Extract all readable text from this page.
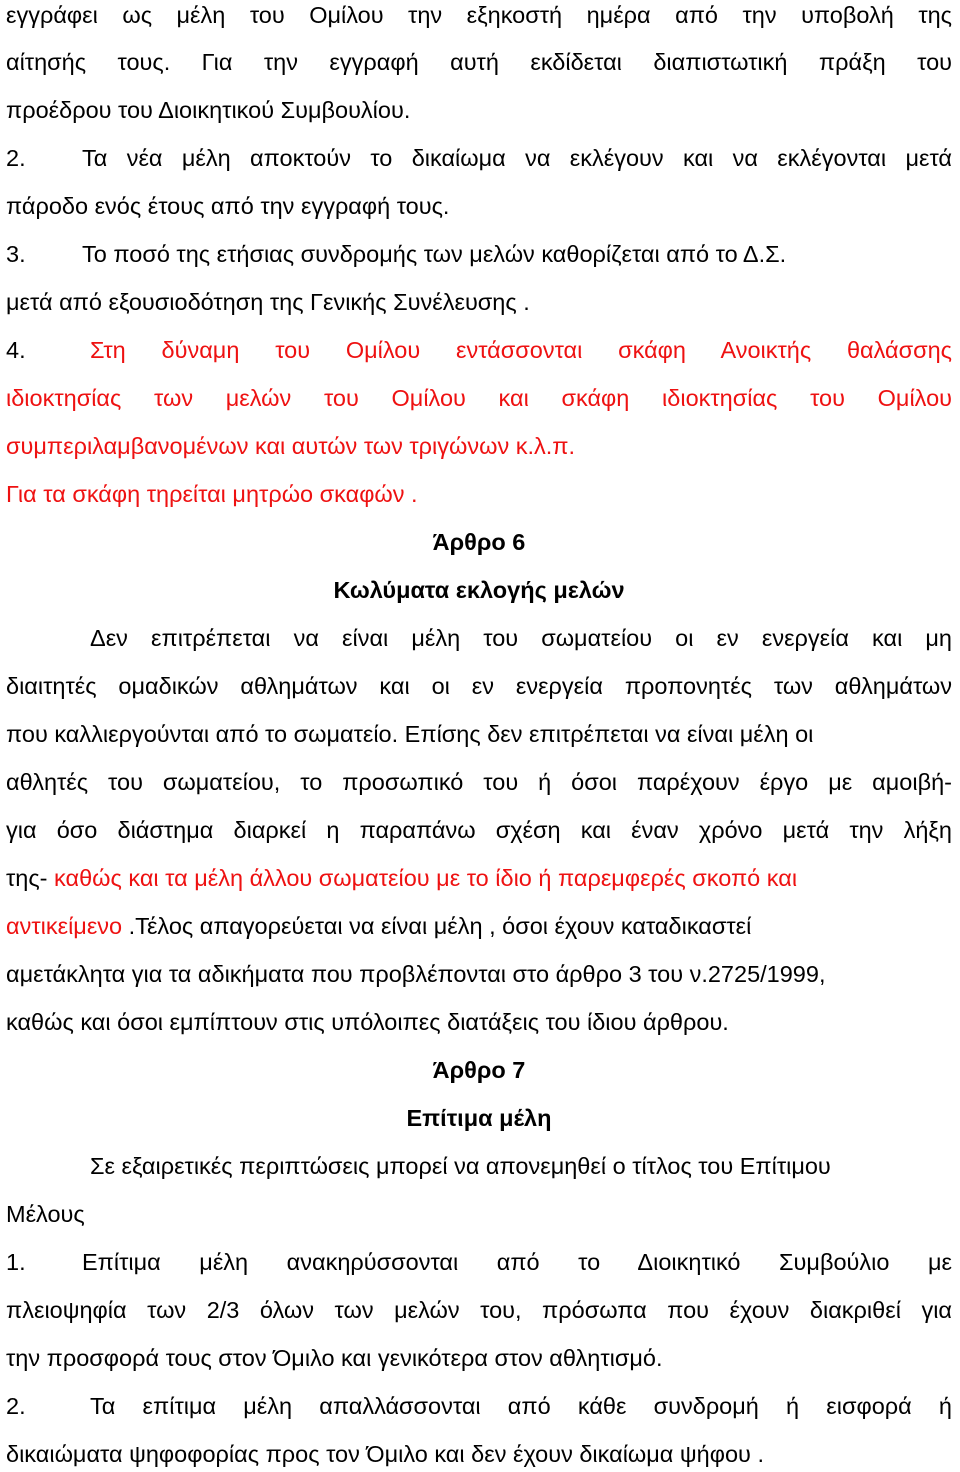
εγγράφει ως μέλη του Ομίλου την εξηκοστή ημέρα από την υποβολή της
αίτησής τους. Για την εγγραφή αυτή εκδίδεται διαπιστωτική πράξη του
προέδρου του Διοικητικού Συμβουλίου.
2.	Τα νέα μέλη αποκτούν το δικαίωμα να εκλέγουν και να εκλέγονται μετά
πάροδο ενός έτους από την εγγραφή τους.
3.	Το ποσό της ετήσιας συνδρομής των μελών καθορίζεται από το Δ.Σ.
μετά από εξουσιοδότηση της Γενικής Συνέλευσης .
4.	Στη δύναμη του Ομίλου εντάσσονται σκάφη Ανοικτής θαλάσσης
ιδιοκτησίας των μελών του Ομίλου και σκάφη ιδιοκτησίας του Ομίλου
συμπεριλαμβανομένων και αυτών των τριγώνων κ.λ.π.
Για τα σκάφη τηρείται μητρώο σκαφών .
Άρθρο 6
Κωλύματα εκλογής μελών
Δεν επιτρέπεται να είναι μέλη του σωματείου οι εν ενεργεία και μη
διαιτητές ομαδικών αθλημάτων και οι εν ενεργεία προπονητές των αθλημάτων
που καλλιεργούνται από το σωματείο. Επίσης δεν επιτρέπεται να είναι μέλη οι
αθλητές του σωματείου, το προσωπικό του ή όσοι παρέχουν έργο με αμοιβή-
για όσο διάστημα διαρκεί η παραπάνω σχέση και έναν χρόνο μετά την λήξη
της- καθώς και τα μέλη άλλου σωματείου με το ίδιο ή παρεμφερές σκοπό και
αντικείμενο .Τέλος απαγορεύεται να είναι μέλη , όσοι έχουν καταδικαστεί
αμετάκλητα για τα αδικήματα που προβλέπονται στο άρθρο 3 του ν.2725/1999,
καθώς και όσοι εμπίπτουν στις υπόλοιπες διατάξεις του ίδιου άρθρου.
Άρθρο 7
Επίτιμα μέλη
Σε εξαιρετικές περιπτώσεις μπορεί να απονεμηθεί ο τίτλος του Επίτιμου
Μέλους
1.	Επίτιμα μέλη ανακηρύσσονται από το Διοικητικό Συμβούλιο με
πλειοψηφία των 2/3 όλων των μελών του, πρόσωπα που έχουν διακριθεί για
την προσφορά τους στον Όμιλο και γενικότερα στον αθλητισμό.
2.	Τα επίτιμα μέλη απαλλάσσονται από κάθε συνδρομή ή εισφορά ή
δικαιώματα ψηφοφορίας προς τον Όμιλο και δεν έχουν δικαίωμα ψήφου .
